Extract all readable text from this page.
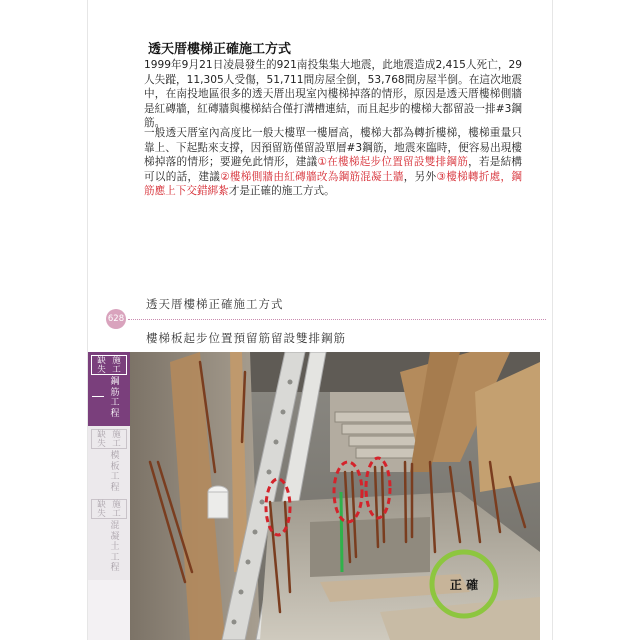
透天厝樓梯正確施工方式

1999年9月21日凌晨發生的921南投集集大地震，此地震造成2,415人死亡，29人失蹤，11,305人受傷，51,711間房屋全倒，53,768間房屋半倒。在這次地震中，在南投地區很多的透天厝出現室內樓梯掉落的情形，原因是透天厝樓梯側牆是紅磚牆，紅磚牆與樓梯結合僅打溝槽連結，而且起步的樓梯大都留設一排#3鋼筋。

一般透天厝室內高度比一般大樓單一樓層高，樓梯大都為轉折樓梯，樓梯重量只靠上、下起點來支撐，因預留筋僅留設單層#3鋼筋，地震來臨時，便容易出現樓梯掉落的情形；要避免此情形，建議①在樓梯起步位置留設雙排鋼筋，若是結構可以的話，建議②樓梯側牆由紅磚牆改為鋼筋混凝土牆，另外③樓梯轉折處，鋼筋應上下交錯綁紮才是正確的施工方式。

透天厝樓梯正確施工方式
628
樓梯板起步位置預留筋留設雙排鋼筋
缺 施
失 工
鋼筋工程
缺 施
失 工
模板工程
缺 施
失 工
混凝土工程
正 確
